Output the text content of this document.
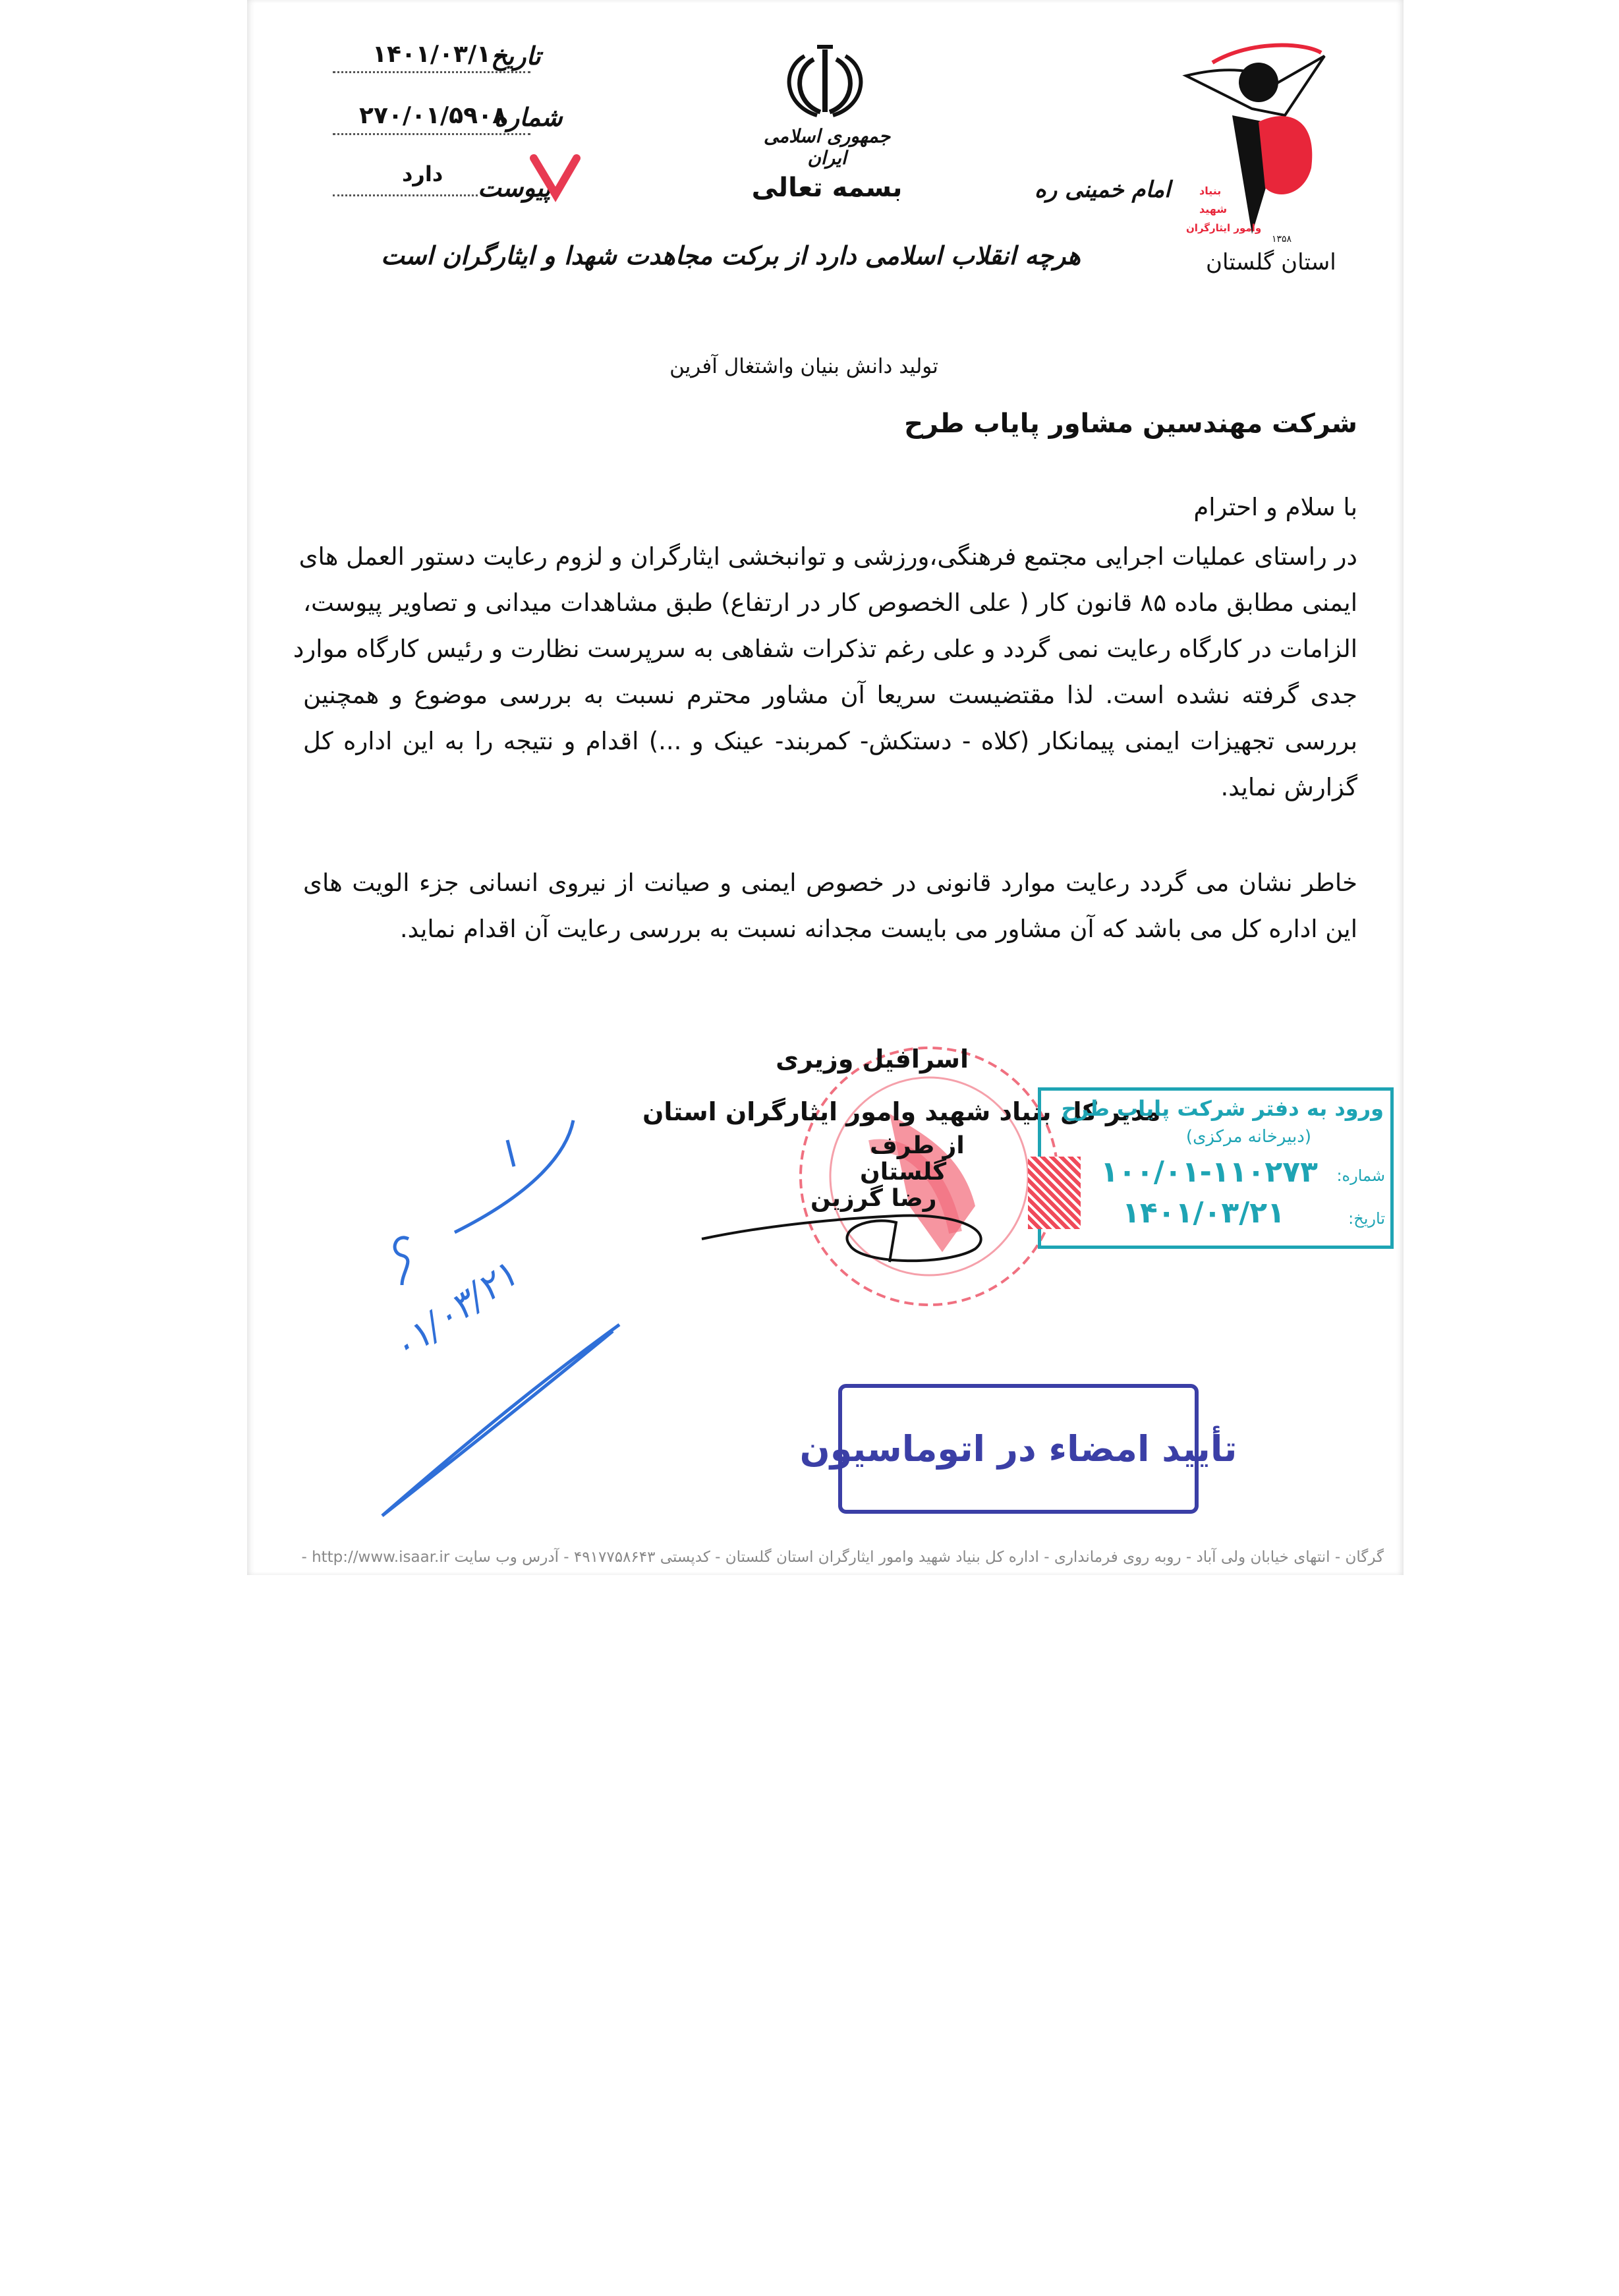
تاریخ
۱۴۰۱/۰۳/۱۰
شماره
۲۷۰/۰۱/۵۹۰۸
پیوست
دارد
جمهوری اسلامی ایران
بسمه تعالی	امام خمینی ره
هرچه انقلاب اسلامی دارد از برکت مجاهدت شهدا و ایثارگران است
بنیاد
شهید
وامور ایثارگران
۱۳۵۸
استان گلستان
تولید دانش بنیان واشتغال آفرین
شرکت مهندسین مشاور پایاب طرح
با سلام و احترام
در راستای عملیات اجرایی مجتمع فرهنگی،ورزشی و توانبخشی ایثارگران و لزوم رعایت دستور العمل های
ایمنی مطابق ماده ۸۵ قانون کار ( علی الخصوص کار در ارتفاع) طبق مشاهدات میدانی و تصاویر پیوست،
الزامات در کارگاه رعایت نمی گردد و علی رغم تذکرات شفاهی به سرپرست نظارت و رئیس کارگاه موارد
جدی گرفته نشده است. لذا مقتضیست سریعا آن مشاور محترم نسبت به بررسی موضوع و همچنین
بررسی تجهیزات ایمنی پیمانکار (کلاه - دستکش- کمربند- عینک و ...) اقدام و نتیجه را به این اداره کل
گزارش نماید.
خاطر نشان می گردد رعایت موارد قانونی در خصوص ایمنی و صیانت از نیروی انسانی جزء الویت های
این اداره کل می باشد که آن مشاور می بایست مجدانه نسبت به بررسی رعایت آن اقدام نماید.
اسرافیل وزیری
مدیر کل بنیاد شهید وامور ایثارگران استان
از طرف
گلستان
رضا گرزین
ورود به دفتر شرکت پایاب طرح
(دبیرخانه مرکزی)
شماره:
۱۰۰/۰۱-۱۱۰۲۷۳
تاریخ:
۱۴۰۱/۰۳/۲۱
۰۱/۰۳/۲۱
تأیید امضاء در اتوماسیون
گرگان - انتهای خیابان ولی آباد - روبه روی فرمانداری - اداره کل بنیاد شهید وامور ایثارگران استان گلستان - کدپستی ۴۹۱۷۷۵۸۶۴۳ - آدرس وب سایت http://www.isaar.ir -
